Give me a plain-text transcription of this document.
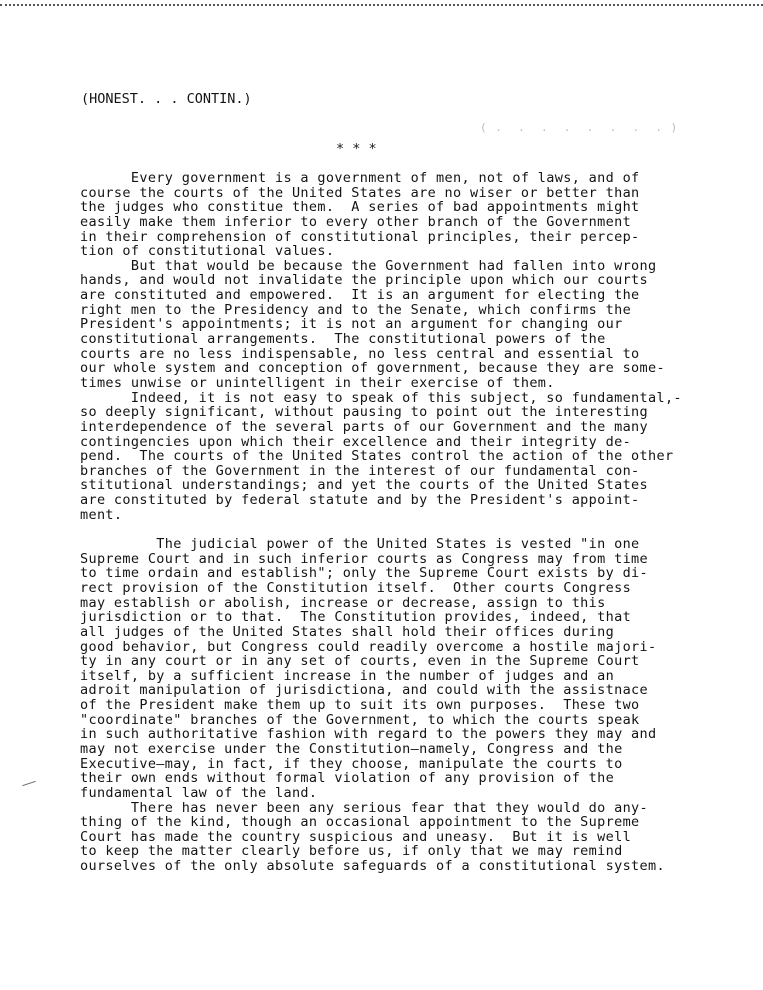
(HONEST. . . CONTIN.)
( .  .  .  .  .  .  .  . )
* * *
Every government is a government of men, not of laws, and of
course the courts of the United States are no wiser or better than
the judges who constitue them.  A series of bad appointments might
easily make them inferior to every other branch of the Government
in their comprehension of constitutional principles, their percep-
tion of constitutional values.
But that would be because the Government had fallen into wrong
hands, and would not invalidate the principle upon which our courts
are constituted and empowered.  It is an argument for electing the
right men to the Presidency and to the Senate, which confirms the
President's appointments; it is not an argument for changing our
constitutional arrangements.  The constitutional powers of the
courts are no less indispensable, no less central and essential to
our whole system and conception of government, because they are some-
times unwise or unintelligent in their exercise of them.
Indeed, it is not easy to speak of this subject, so fundamental,-
so deeply significant, without pausing to point out the interesting
interdependence of the several parts of our Government and the many
contingencies upon which their excellence and their integrity de-
pend.  The courts of the United States control the action of the other
branches of the Government in the interest of our fundamental con-
stitutional understandings; and yet the courts of the United States
are constituted by federal statute and by the President's appoint-
ment.
The judicial power of the United States is vested "in one
Supreme Court and in such inferior courts as Congress may from time
to time ordain and establish"; only the Supreme Court exists by di-
rect provision of the Constitution itself.  Other courts Congress
may establish or abolish, increase or decrease, assign to this
jurisdiction or to that.  The Constitution provides, indeed, that
all judges of the United States shall hold their offices during
good behavior, but Congress could readily overcome a hostile majori-
ty in any court or in any set of courts, even in the Supreme Court
itself, by a sufficient increase in the number of judges and an
adroit manipulation of jurisdictiona, and could with the assistnace
of the President make them up to suit its own purposes.  These two
"coordinate" branches of the Government, to which the courts speak
in such authoritative fashion with regard to the powers they may and
may not exercise under the Constitution—namely, Congress and the
Executive—may, in fact, if they choose, manipulate the courts to
their own ends without formal violation of any provision of the
fundamental law of the land.
There has never been any serious fear that they would do any-
thing of the kind, though an occasional appointment to the Supreme
Court has made the country suspicious and uneasy.  But it is well
to keep the matter clearly before us, if only that we may remind
ourselves of the only absolute safeguards of a constitutional system.
